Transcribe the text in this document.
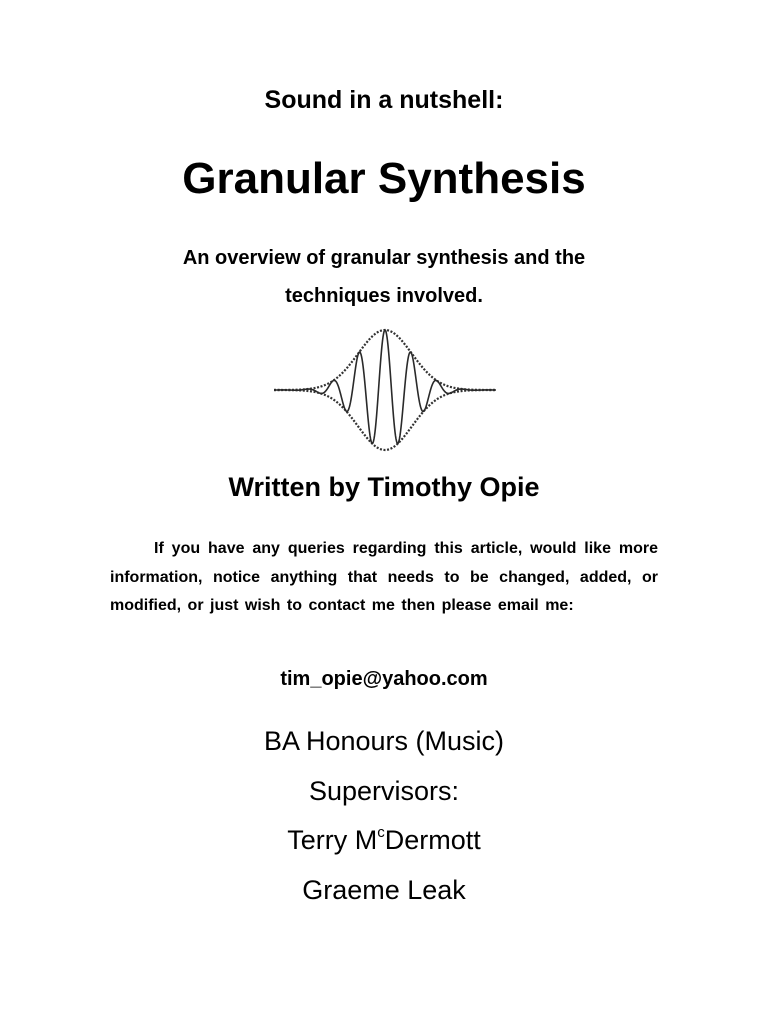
Sound in a nutshell:
Granular Synthesis
An overview of granular synthesis and the
techniques involved.
Written by Timothy Opie
If you have any queries regarding this article, would like more information, notice anything that needs to be changed, added, or modified, or just wish to contact me then please email me:
tim_opie@yahoo.com
BA Honours (Music)
Supervisors:
Terry $M^cDermott$
Graeme Leak
